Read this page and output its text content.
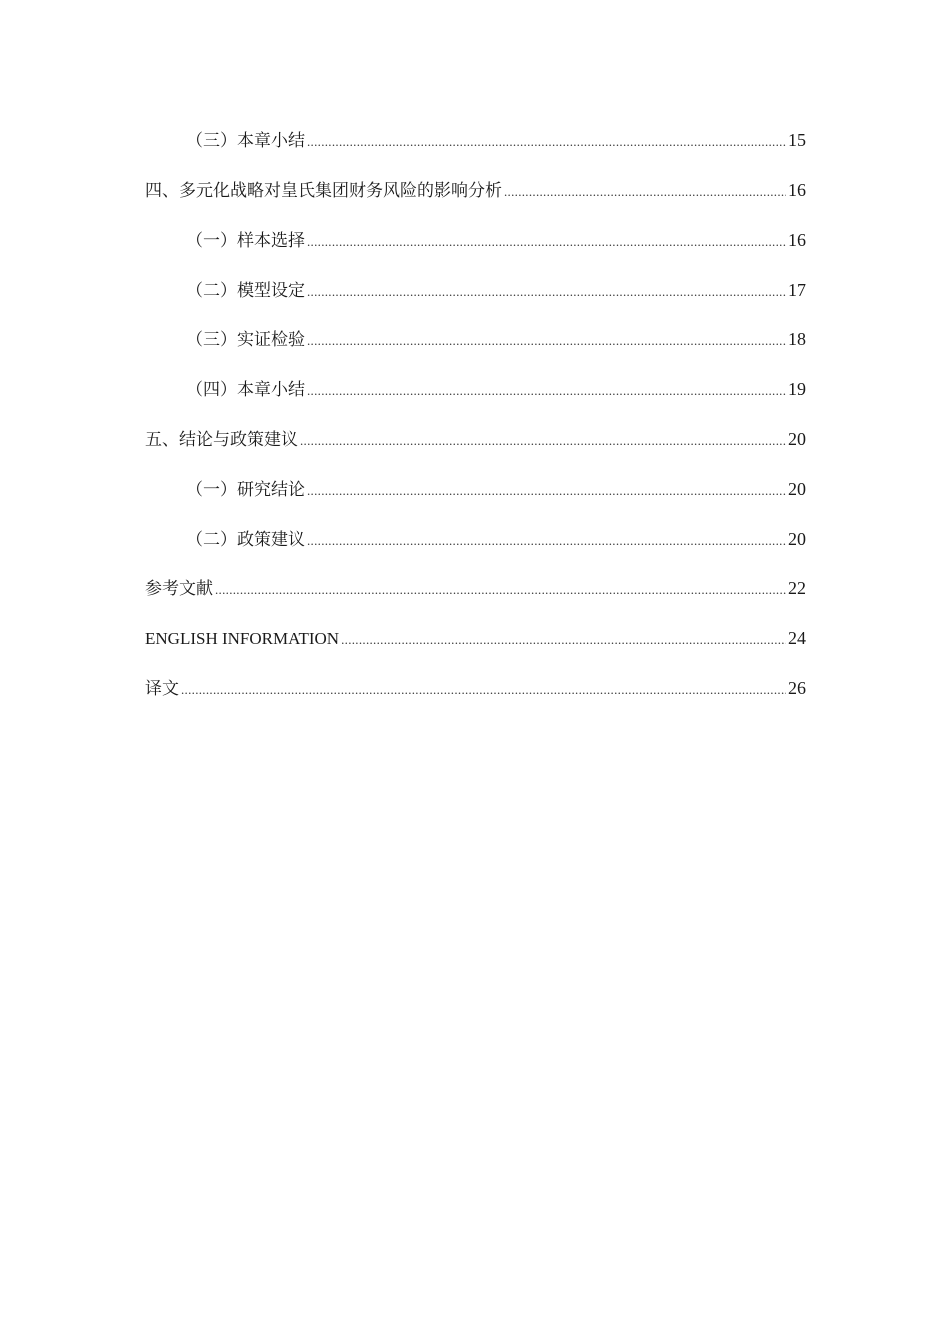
（三）本章小结 .....	15
四、多元化战略对皇氏集团财务风险的影响分析 .....	16
（一）样本选择 .....	16
（二）模型设定 .....	17
（三）实证检验 .....	18
（四）本章小结 .....	19
五、结论与政策建议 .....	20
（一）研究结论 .....	20
（二）政策建议 .....	20
参考文献 .....	22
ENGLISH INFORMATION .....	24
译文 .....	26
